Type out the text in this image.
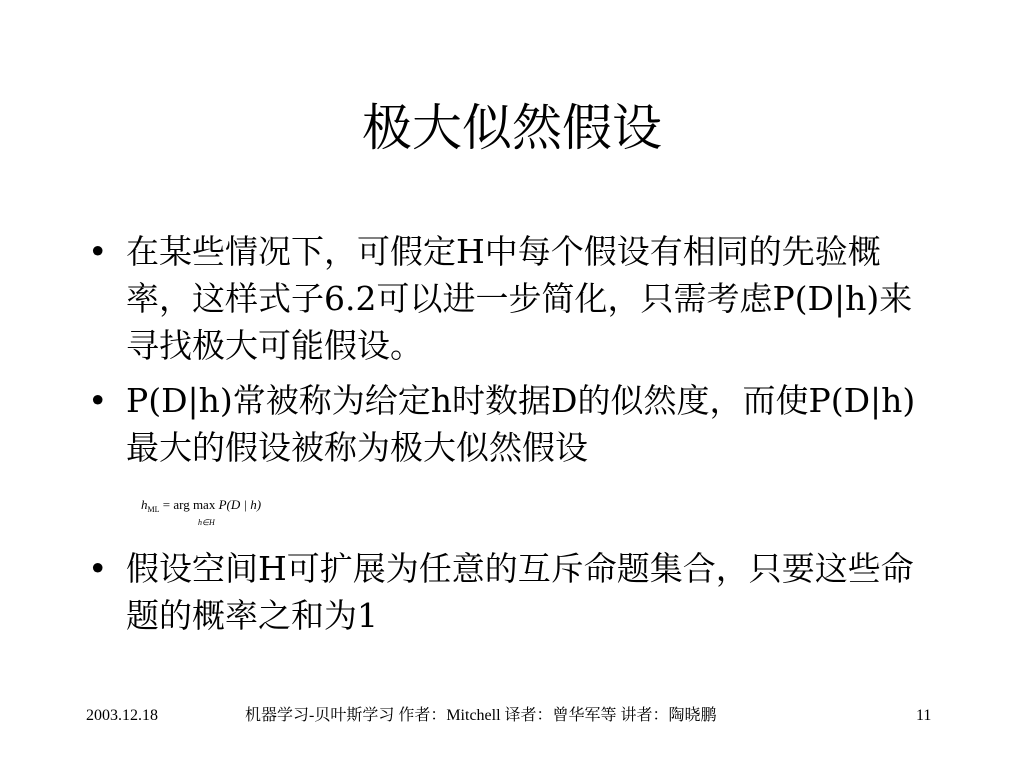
极大似然假设
• 在某些情况下，可假定H中每个假设有相同的先验概率，这样式子6.2可以进一步简化，只需考虑P(D|h)来寻找极大可能假设。
• P(D|h)常被称为给定h时数据D的似然度，而使P(D|h)最大的假设被称为极大似然假设
$h_{ML}$ = arg max P(D | h)
h∈H
• 假设空间H可扩展为任意的互斥命题集合，只要这些命题的概率之和为1
2003.12.18	机器学习-贝叶斯学习 作者：Mitchell 译者：曾华军等 讲者：陶晓鹏	11
